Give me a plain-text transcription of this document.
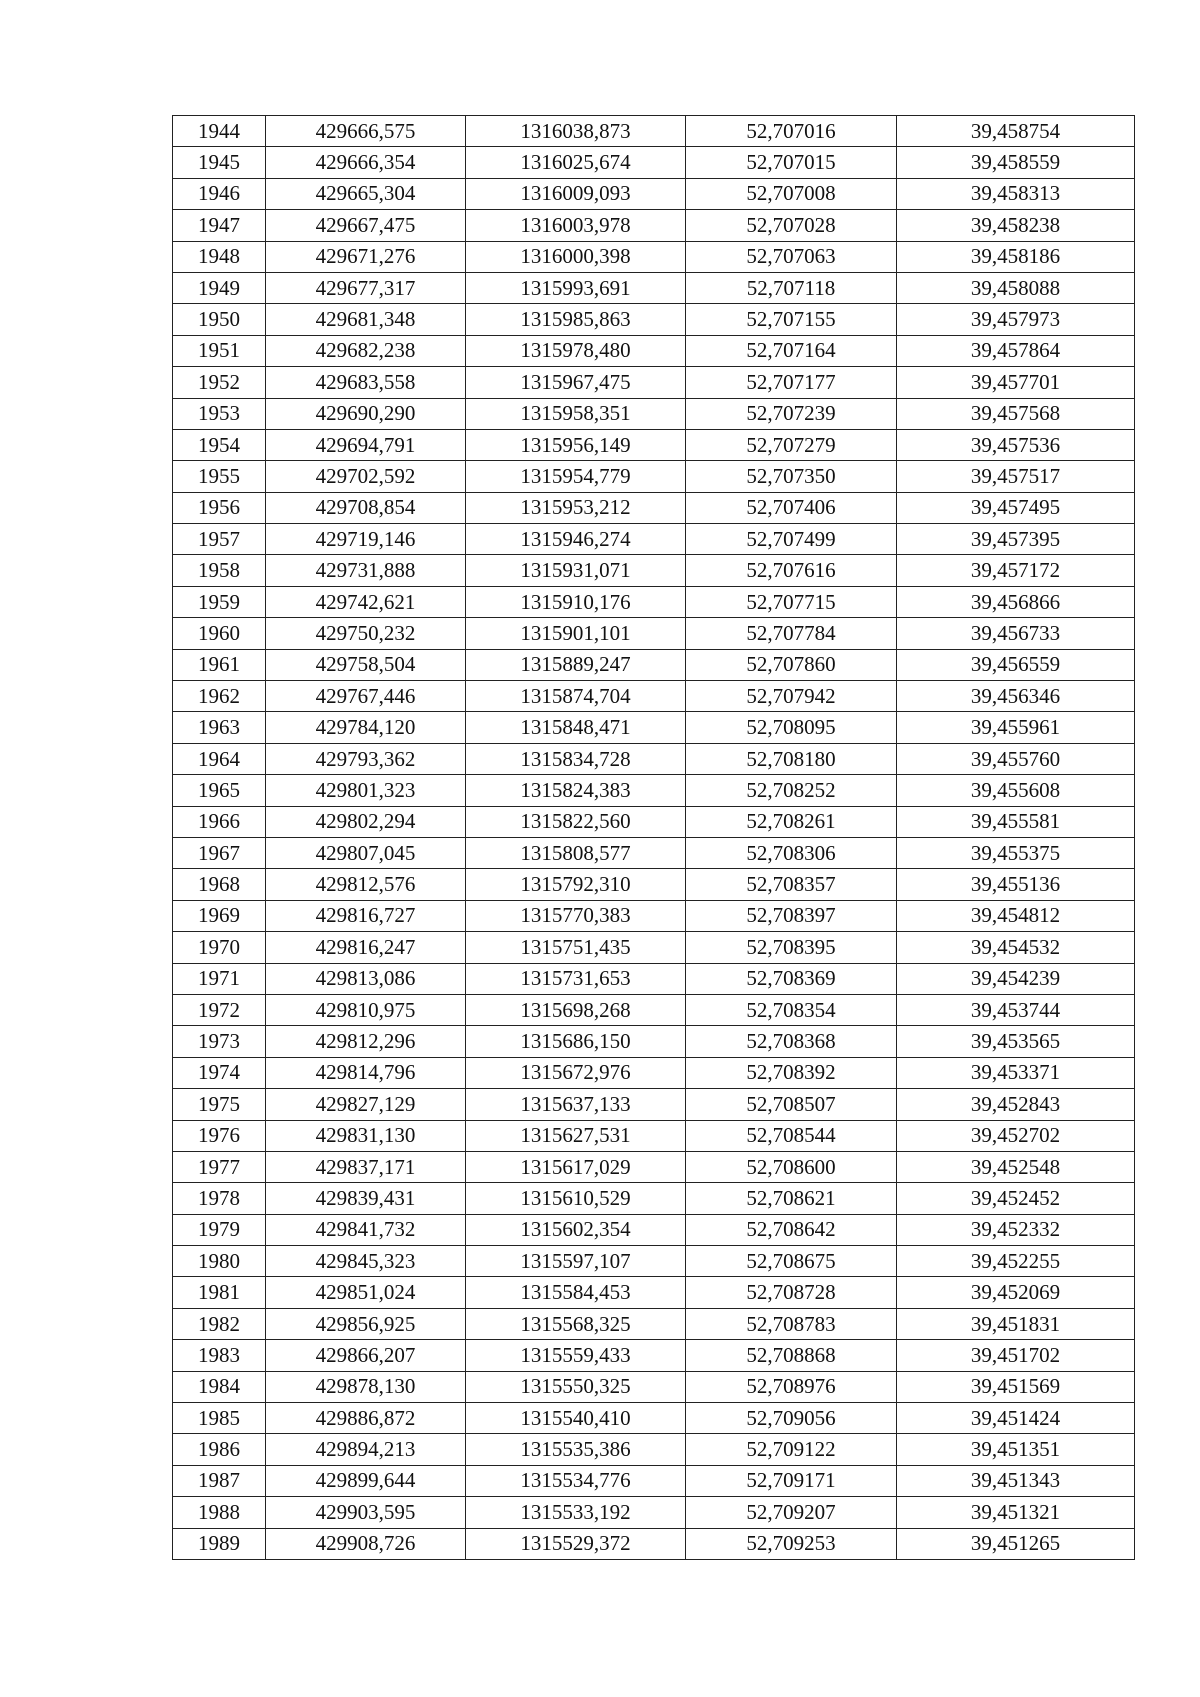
1944	429666,575	1316038,873	52,707016	39,458754
1945	429666,354	1316025,674	52,707015	39,458559
1946	429665,304	1316009,093	52,707008	39,458313
1947	429667,475	1316003,978	52,707028	39,458238
1948	429671,276	1316000,398	52,707063	39,458186
1949	429677,317	1315993,691	52,707118	39,458088
1950	429681,348	1315985,863	52,707155	39,457973
1951	429682,238	1315978,480	52,707164	39,457864
1952	429683,558	1315967,475	52,707177	39,457701
1953	429690,290	1315958,351	52,707239	39,457568
1954	429694,791	1315956,149	52,707279	39,457536
1955	429702,592	1315954,779	52,707350	39,457517
1956	429708,854	1315953,212	52,707406	39,457495
1957	429719,146	1315946,274	52,707499	39,457395
1958	429731,888	1315931,071	52,707616	39,457172
1959	429742,621	1315910,176	52,707715	39,456866
1960	429750,232	1315901,101	52,707784	39,456733
1961	429758,504	1315889,247	52,707860	39,456559
1962	429767,446	1315874,704	52,707942	39,456346
1963	429784,120	1315848,471	52,708095	39,455961
1964	429793,362	1315834,728	52,708180	39,455760
1965	429801,323	1315824,383	52,708252	39,455608
1966	429802,294	1315822,560	52,708261	39,455581
1967	429807,045	1315808,577	52,708306	39,455375
1968	429812,576	1315792,310	52,708357	39,455136
1969	429816,727	1315770,383	52,708397	39,454812
1970	429816,247	1315751,435	52,708395	39,454532
1971	429813,086	1315731,653	52,708369	39,454239
1972	429810,975	1315698,268	52,708354	39,453744
1973	429812,296	1315686,150	52,708368	39,453565
1974	429814,796	1315672,976	52,708392	39,453371
1975	429827,129	1315637,133	52,708507	39,452843
1976	429831,130	1315627,531	52,708544	39,452702
1977	429837,171	1315617,029	52,708600	39,452548
1978	429839,431	1315610,529	52,708621	39,452452
1979	429841,732	1315602,354	52,708642	39,452332
1980	429845,323	1315597,107	52,708675	39,452255
1981	429851,024	1315584,453	52,708728	39,452069
1982	429856,925	1315568,325	52,708783	39,451831
1983	429866,207	1315559,433	52,708868	39,451702
1984	429878,130	1315550,325	52,708976	39,451569
1985	429886,872	1315540,410	52,709056	39,451424
1986	429894,213	1315535,386	52,709122	39,451351
1987	429899,644	1315534,776	52,709171	39,451343
1988	429903,595	1315533,192	52,709207	39,451321
1989	429908,726	1315529,372	52,709253	39,451265
